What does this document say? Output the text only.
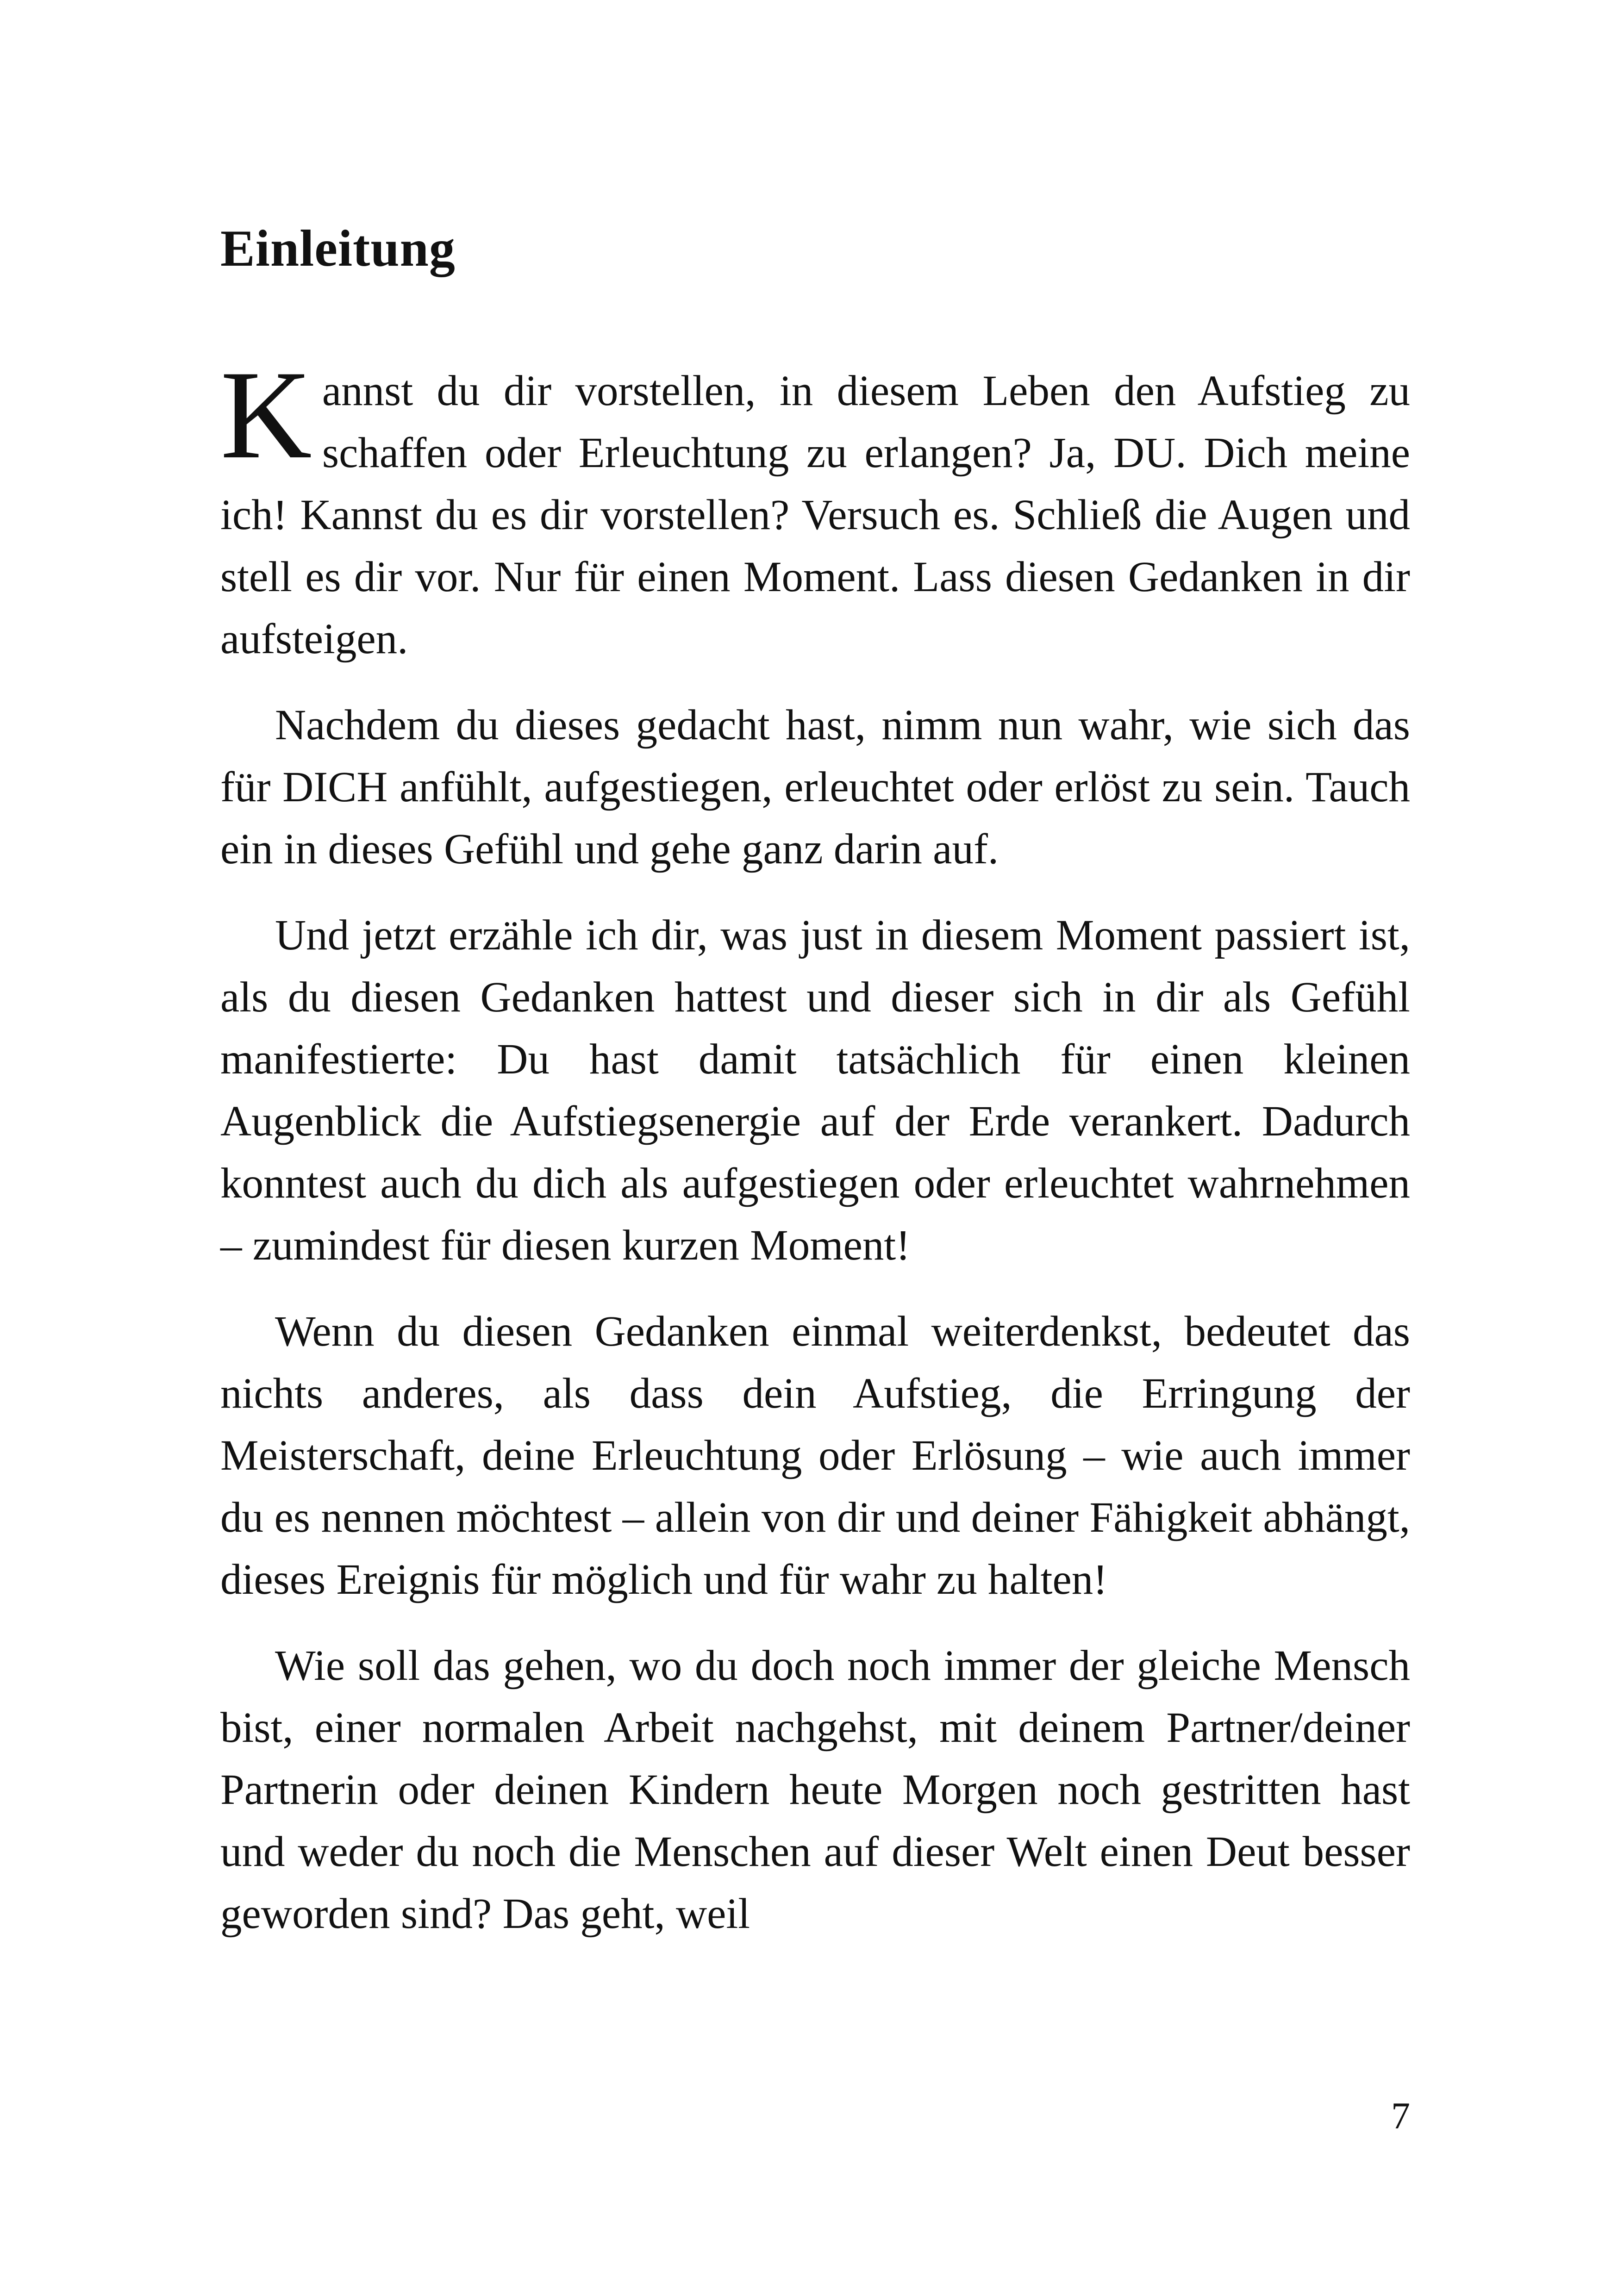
Einleitung

Kannst du dir vorstellen, in diesem Leben den Aufstieg zu schaffen oder Erleuchtung zu erlangen? Ja, DU. Dich meine ich! Kannst du es dir vorstellen? Versuch es. Schließ die Augen und stell es dir vor. Nur für einen Moment. Lass diesen Gedanken in dir aufsteigen.

Nachdem du dieses gedacht hast, nimm nun wahr, wie sich das für DICH anfühlt, aufgestiegen, erleuchtet oder erlöst zu sein. Tauch ein in dieses Gefühl und gehe ganz darin auf.

Und jetzt erzähle ich dir, was just in diesem Moment passiert ist, als du diesen Gedanken hattest und dieser sich in dir als Gefühl manifestierte: Du hast damit tatsächlich für einen kleinen Augenblick die Aufstiegsenergie auf der Erde verankert. Dadurch konntest auch du dich als aufgestiegen oder erleuchtet wahrnehmen – zumindest für diesen kurzen Moment!

Wenn du diesen Gedanken einmal weiterdenkst, bedeutet das nichts anderes, als dass dein Aufstieg, die Erringung der Meisterschaft, deine Erleuchtung oder Erlösung – wie auch immer du es nennen möchtest – allein von dir und deiner Fähigkeit abhängt, dieses Ereignis für möglich und für wahr zu halten!

Wie soll das gehen, wo du doch noch immer der gleiche Mensch bist, einer normalen Arbeit nachgehst, mit deinem Partner/deiner Partnerin oder deinen Kindern heute Morgen noch gestritten hast und weder du noch die Menschen auf dieser Welt einen Deut besser geworden sind? Das geht, weil

7
